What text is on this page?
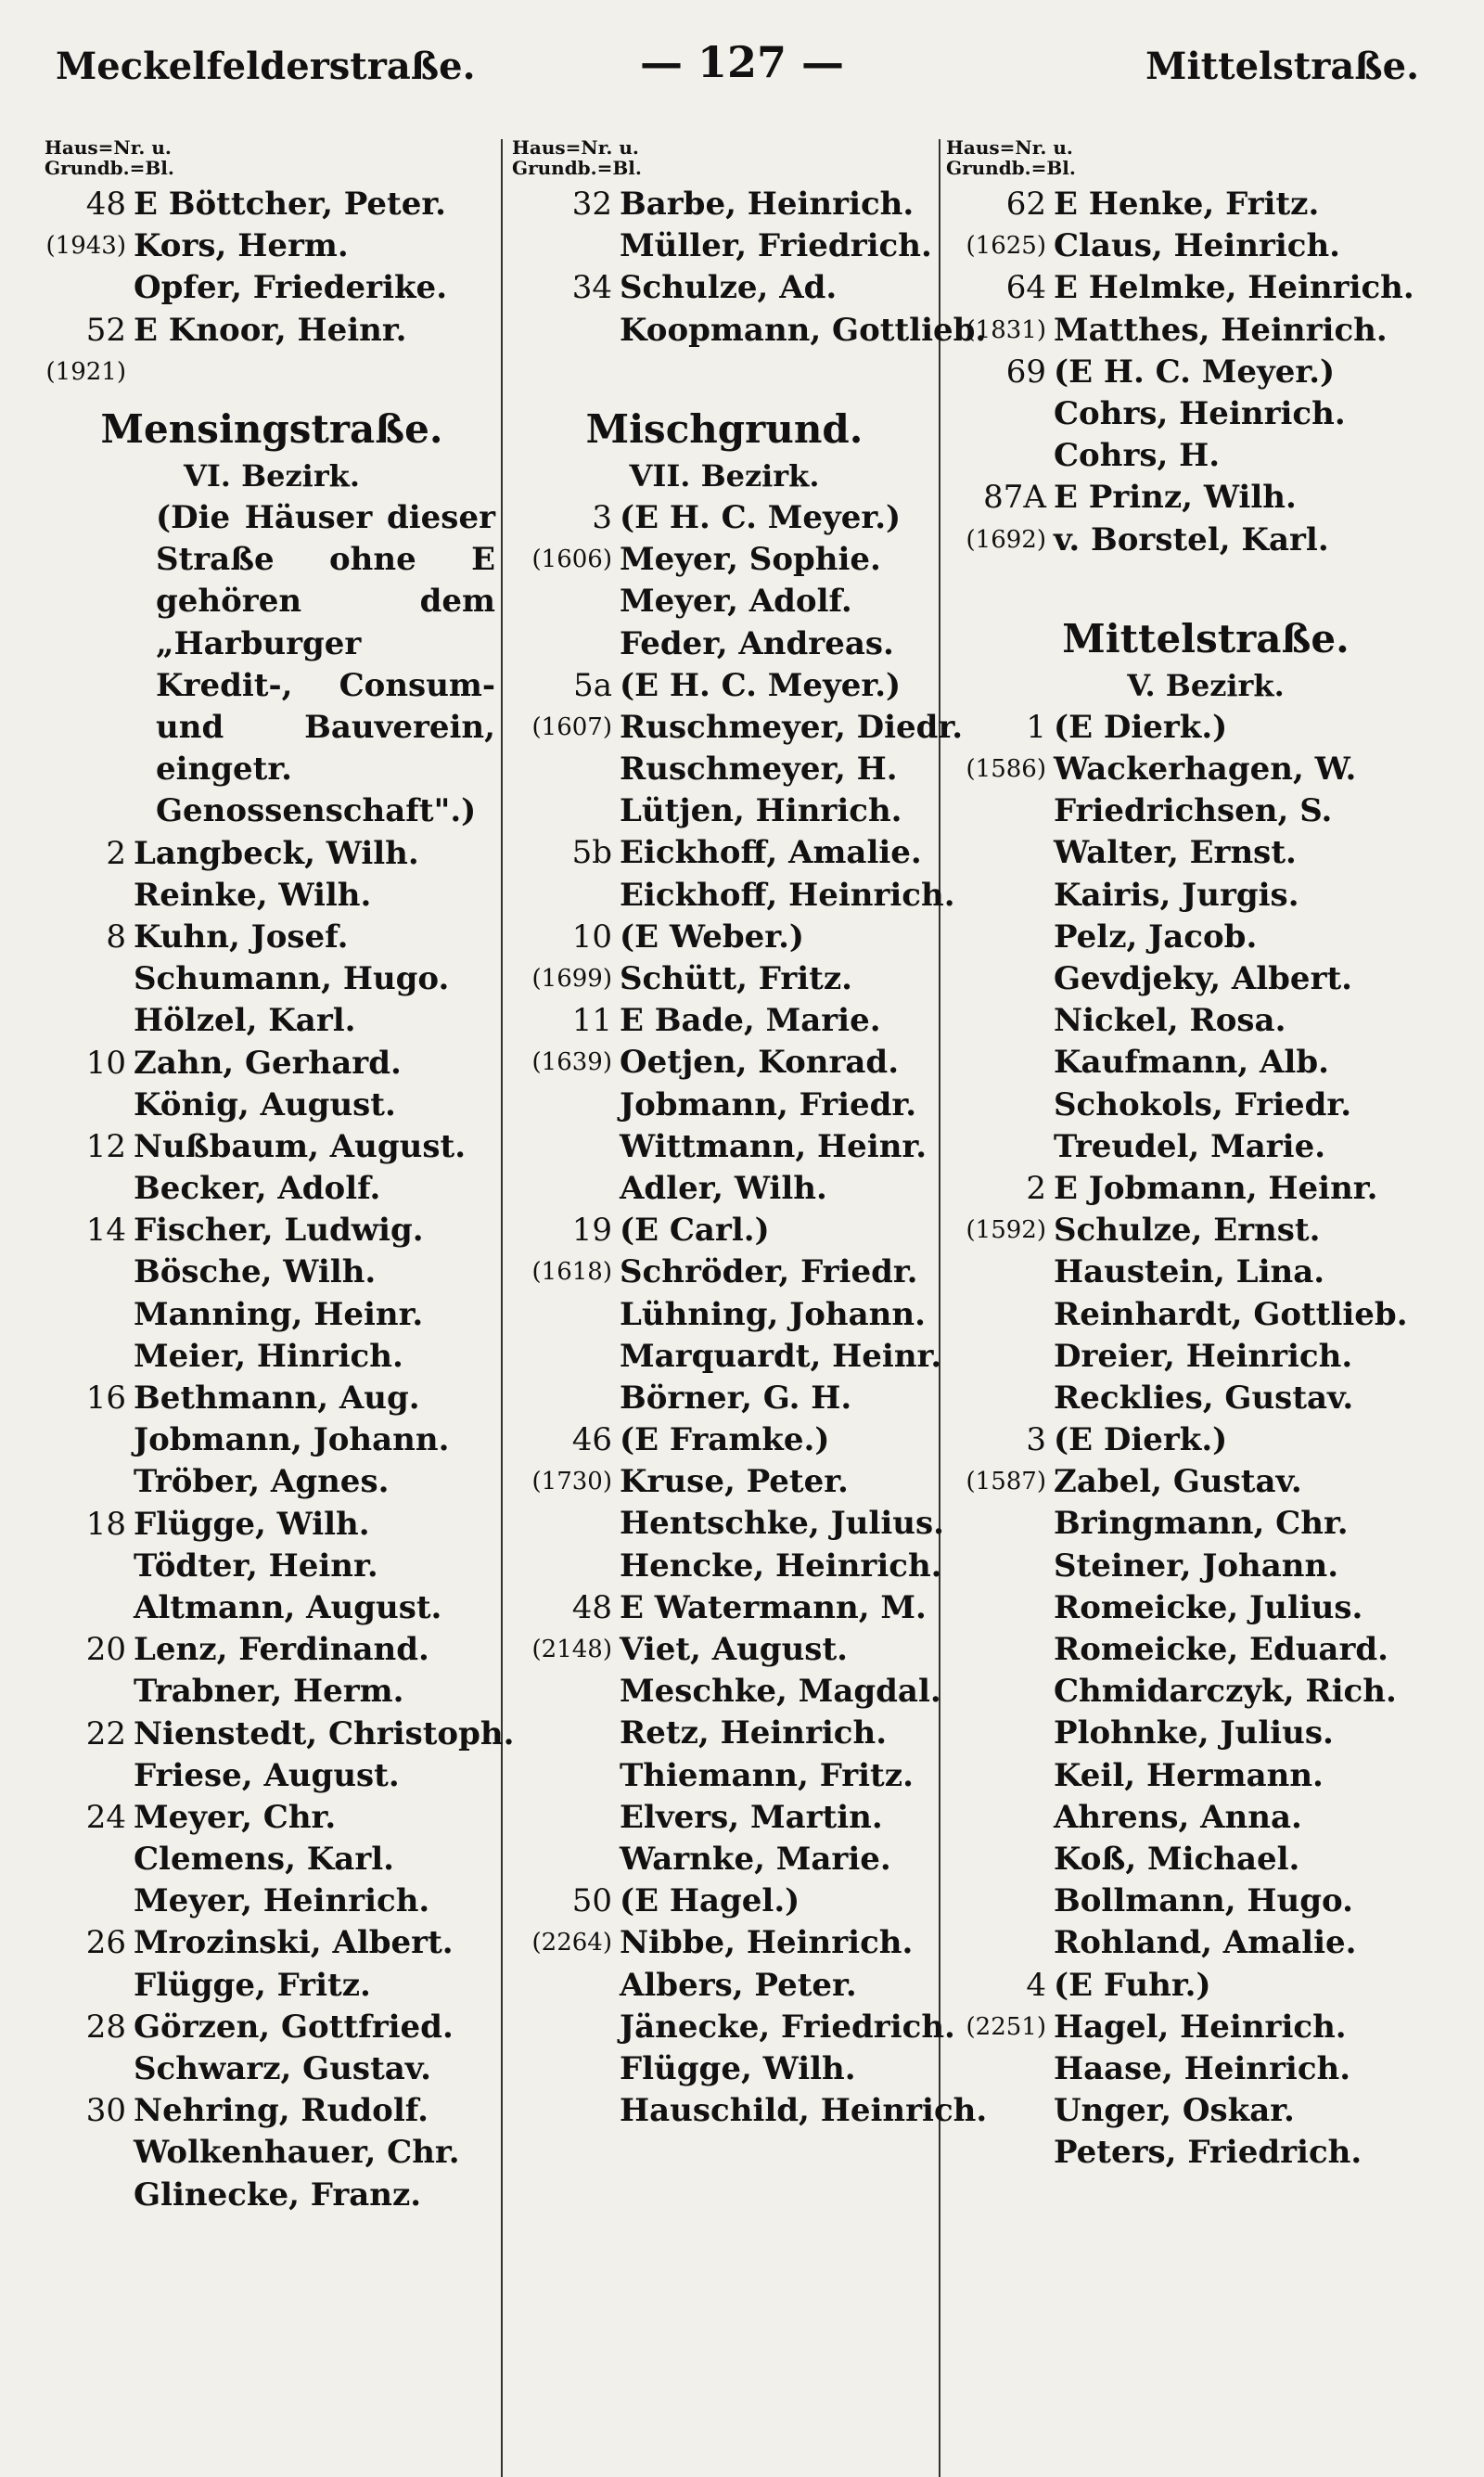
Meckelfelderstraße.	— 127 —	Mittelstraße.
Haus=Nr. u.
Grundb.=Bl.
48 E Böttcher, Peter.
(1943) Kors, Herm.
Opfer, Friederike.
52 E Knoor, Heinr.
(1921)
Mensingstraße.
VI. Bezirk.
(Die Häuser dieser Straße ohne E gehören dem „Harburger Kredit-, Consum- und Bauverein, eingetr. Genossenschaft".)
2 Langbeck, Wilh.
Reinke, Wilh.
8 Kuhn, Josef.
Schumann, Hugo.
Hölzel, Karl.
10 Zahn, Gerhard.
König, August.
12 Nußbaum, August.
Becker, Adolf.
14 Fischer, Ludwig.
Bösche, Wilh.
Manning, Heinr.
Meier, Hinrich.
16 Bethmann, Aug.
Jobmann, Johann.
Tröber, Agnes.
18 Flügge, Wilh.
Tödter, Heinr.
Altmann, August.
20 Lenz, Ferdinand.
Trabner, Herm.
22 Nienstedt, Christoph.
Friese, August.
24 Meyer, Chr.
Clemens, Karl.
Meyer, Heinrich.
26 Mrozinski, Albert.
Flügge, Fritz.
28 Görzen, Gottfried.
Schwarz, Gustav.
30 Nehring, Rudolf.
Wolkenhauer, Chr.
Glinecke, Franz.
Haus=Nr. u.
Grundb.=Bl.
32 Barbe, Heinrich.
Müller, Friedrich.
34 Schulze, Ad.
Koopmann, Gottlieb.
Mischgrund.
VII. Bezirk.
3 (E H. C. Meyer.)
(1606) Meyer, Sophie.
Meyer, Adolf.
Feder, Andreas.
5a (E H. C. Meyer.)
(1607) Ruschmeyer, Diedr.
Ruschmeyer, H.
Lütjen, Hinrich.
5b Eickhoff, Amalie.
Eickhoff, Heinrich.
10 (E Weber.)
(1699) Schütt, Fritz.
11 E Bade, Marie.
(1639) Oetjen, Konrad.
Jobmann, Friedr.
Wittmann, Heinr.
Adler, Wilh.
19 (E Carl.)
(1618) Schröder, Friedr.
Lühning, Johann.
Marquardt, Heinr.
Börner, G. H.
46 (E Framke.)
(1730) Kruse, Peter.
Hentschke, Julius.
Hencke, Heinrich.
48 E Watermann, M.
(2148) Viet, August.
Meschke, Magdal.
Retz, Heinrich.
Thiemann, Fritz.
Elvers, Martin.
Warnke, Marie.
50 (E Hagel.)
(2264) Nibbe, Heinrich.
Albers, Peter.
Jänecke, Friedrich.
Flügge, Wilh.
Hauschild, Heinrich.
Haus=Nr. u.
Grundb.=Bl.
62 E Henke, Fritz.
(1625) Claus, Heinrich.
64 E Helmke, Heinrich.
(1831) Matthes, Heinrich.
69 (E H. C. Meyer.)
Cohrs, Heinrich.
Cohrs, H.
87A E Prinz, Wilh.
(1692) v. Borstel, Karl.
Mittelstraße.
V. Bezirk.
1 (E Dierk.)
(1586) Wackerhagen, W.
Friedrichsen, S.
Walter, Ernst.
Kairis, Jurgis.
Pelz, Jacob.
Gevdjeky, Albert.
Nickel, Rosa.
Kaufmann, Alb.
Schokols, Friedr.
Treudel, Marie.
2 E Jobmann, Heinr.
(1592) Schulze, Ernst.
Haustein, Lina.
Reinhardt, Gottlieb.
Dreier, Heinrich.
Recklies, Gustav.
3 (E Dierk.)
(1587) Zabel, Gustav.
Bringmann, Chr.
Steiner, Johann.
Romeicke, Julius.
Romeicke, Eduard.
Chmidarczyk, Rich.
Plohnke, Julius.
Keil, Hermann.
Ahrens, Anna.
Koß, Michael.
Bollmann, Hugo.
Rohland, Amalie.
4 (E Fuhr.)
(2251) Hagel, Heinrich.
Haase, Heinrich.
Unger, Oskar.
Peters, Friedrich.
